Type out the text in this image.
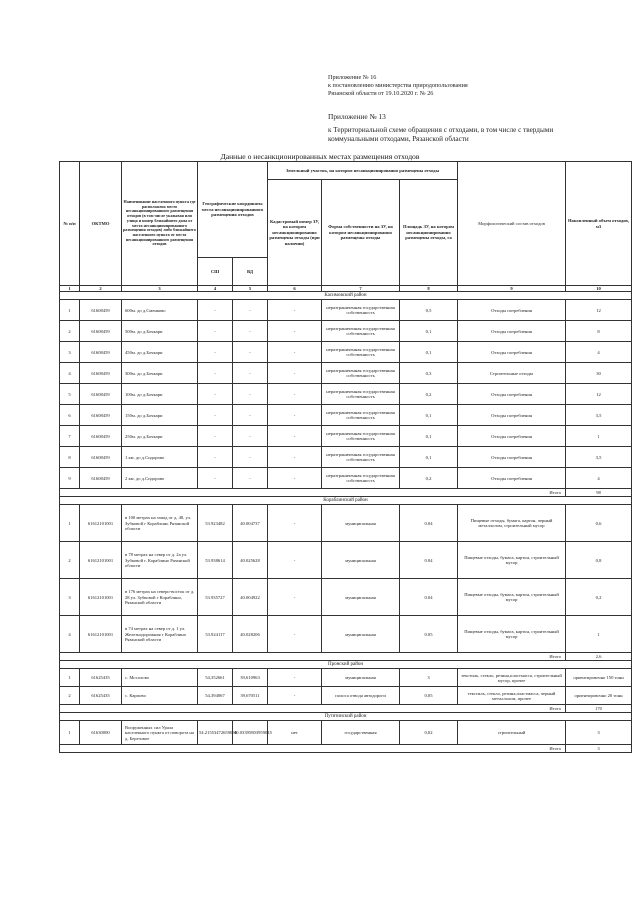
Приложение № 16
к постановлению министерства природопользования
Рязанской области от 19.10.2020 г. № 26
Приложение № 13
к Территориальной схеме обращения с отходами, в том числе с твердыми
коммунальными отходами, Рязанской области
Данные о несанкционированных местах размещения отходов
№ п/п	ОКТМО	Наименование населенного пункта где расположено место несанкционированного размещения отходов (в том числе указывая или улица и номер ближайшего дома от места несанкционированного размещения отходов) либо ближайшего населенного пункта от места несанкционированного размещения отходов	Географические координаты места несанкционированного размещения отходов		Земельный участок, на котором несанкционированно размещены отходы			Морфологический состав отходов	Накопленный объем отходов, м3
					Кадастровый номер ЗУ, на котором несанкционированно размещены отходы (при наличии)	Форма собственности на ЗУ, на котором несанкционированно размещены отходы	Площадь ЗУ, на котором несанкционированно размещены отходы, га		
			СШ	ВД					
1	2	3	4	5	6	7	8	9	10
Касимовский район									
1	61608459	600м. до д.Сменково	-	-	-	неразграниченная государственная собственность	0,5	Отходы потребления	12
2	61608459	500м. до д.Бочкари	-	-	-	неразграниченная государственная собственность	0,1	Отходы потребления	8
3	61608459	450м. до д.Бочкари	-	-	-	неразграниченная государственная собственность	0,1	Отходы потребления	4
4	61608459	300м. до д.Бочкари	-	-	-	неразграниченная государственная собственность	0,3	Строительные отходы	30
5	61608459	100м. до д.Бочкари	-	-	-	неразграниченная государственная собственность	0,2	Отходы потребления	12
6	61608459	150м. до д.Бочкари	-	-	-	неразграниченная государственная собственность	0,1	Отходы потребления	3,5
7	61608459	250м. до д.Бочкари	-	-	-	неразграниченная государственная собственность	0,1	Отходы потребления	1
8	61608459	1 км. до д.Сидорово	-	-	-	неразграниченная государственная собственность	0,1	Отходы потребления	3,5
9	61608459	2 км. до д.Сидорово	-	-	-	неразграниченная государственная собственность	0,2	Отходы потребления	4
Итого									98
Кораблинский район									
1	61612101001	в 100 метрах на запад от д. 48, ул. Зубковой г Кораблино Рязанской области	53.923482	40.004737	-	муниципальная	0.04	Пищевые отходы, бумага, картон, черный металлолом, строительный мусор	0,6
2	61612101001	в 78 метрах на север от д. 2а ул. Зубковой г. Кораблино Рязанской области	53.938614	40.025628	-	муниципальная	0.04	Пищевые отходы, бумага, картон, строительный мусор	0,8
3	61612101001	в 176 метрах на северо-восток от д. 28 ул. Зубковой г Кораблино, Рязанской области	53.935727	40.004922	-	муниципальная	0.04	Пищевые отходы, бумага, картон, строительный мусор	0,2
4	61612101001	в 74 метрах на север от д. 1 ул. Железнодорожная г Кораблино Рязанской области	53.924117	40.028206	-	муниципальная	0.05	Пищевые отходы, бумага, картон, строительный мусор	1
Итого									2,6
Пронский район									
1	61625435	с. Мосолово	54,352661	39,610963	-	муниципальная	3	текстиль, стекло, резина,пластмасса, строительный мусор, прочее	ориентировочно 150 тонн
2	61625435	с. Карпово	54,394067	39,670511	-	полоса отвода автодороги	0,05	текстиль, стекло, резина,пластмасса, черный металлолом, прочее	ориентировочно 20 тонн
Итого									170
Путятинский район									
1	61630000	Вооруженных сил Урала населенного пункта от поворота на д. Березовое	54.21553472659096	40.03395803959045	нет	государственная	0,02	строительный	3
Итого									3
